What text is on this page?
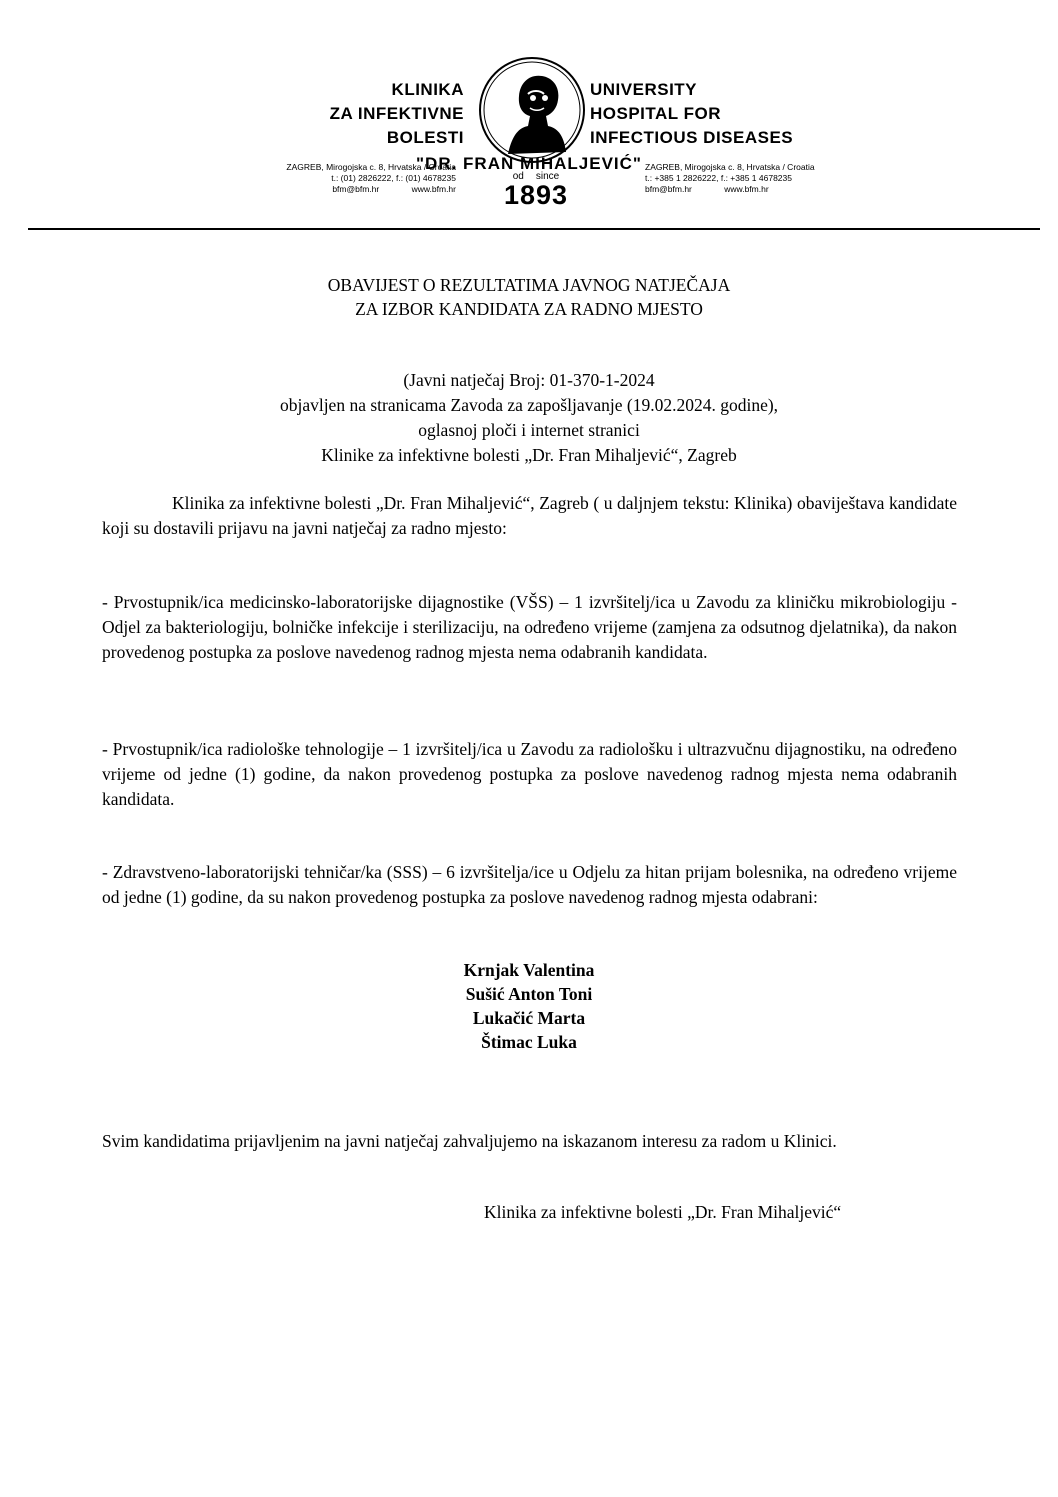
KLINIKA
ZA INFEKTIVNE
BOLESTI
UNIVERSITY
HOSPITAL FOR
INFECTIOUS DISEASES
"DR. FRAN MIHALJEVIĆ"
ZAGREB, Mirogojska c. 8, Hrvatska / Croatia
t.: (01) 2826222, f.: (01) 4678235
bfm@bfm.hr	www.bfm.hr
od since
1893
ZAGREB, Mirogojska c. 8, Hrvatska / Croatia
t.: +385 1 2826222, f.: +385 1 4678235
bfm@bfm.hr	www.bfm.hr
OBAVIJEST O REZULTATIMA JAVNOG NATJEČAJA
ZA IZBOR KANDIDATA ZA RADNO MJESTO
(Javni natječaj Broj: 01-370-1-2024
objavljen na stranicama Zavoda za zapošljavanje (19.02.2024. godine),
oglasnoj ploči i internet stranici
Klinike za infektivne bolesti „Dr. Fran Mihaljević“, Zagreb
Klinika za infektivne bolesti „Dr. Fran Mihaljević“, Zagreb ( u daljnjem tekstu: Klinika) obaviještava kandidate koji su dostavili prijavu na javni natječaj za radno mjesto:
- Prvostupnik/ica medicinsko-laboratorijske dijagnostike (VŠS) – 1 izvršitelj/ica u Zavodu za kliničku mikrobiologiju - Odjel za bakteriologiju, bolničke infekcije i sterilizaciju, na određeno vrijeme (zamjena za odsutnog djelatnika), da nakon provedenog postupka za poslove navedenog radnog mjesta nema odabranih kandidata.
- Prvostupnik/ica radiološke tehnologije – 1 izvršitelj/ica u Zavodu za radiološku i ultrazvučnu dijagnostiku, na određeno vrijeme od jedne (1) godine, da nakon provedenog postupka za poslove navedenog radnog mjesta nema odabranih kandidata.
- Zdravstveno-laboratorijski tehničar/ka (SSS) – 6 izvršitelja/ice u Odjelu za hitan prijam bolesnika, na određeno vrijeme od jedne (1) godine, da su nakon provedenog postupka za poslove navedenog radnog mjesta odabrani:
Krnjak Valentina
Sušić Anton Toni
Lukačić Marta
Štimac Luka
Svim kandidatima prijavljenim na javni natječaj zahvaljujemo na iskazanom interesu za radom u Klinici.
Klinika za infektivne bolesti „Dr. Fran Mihaljević“
